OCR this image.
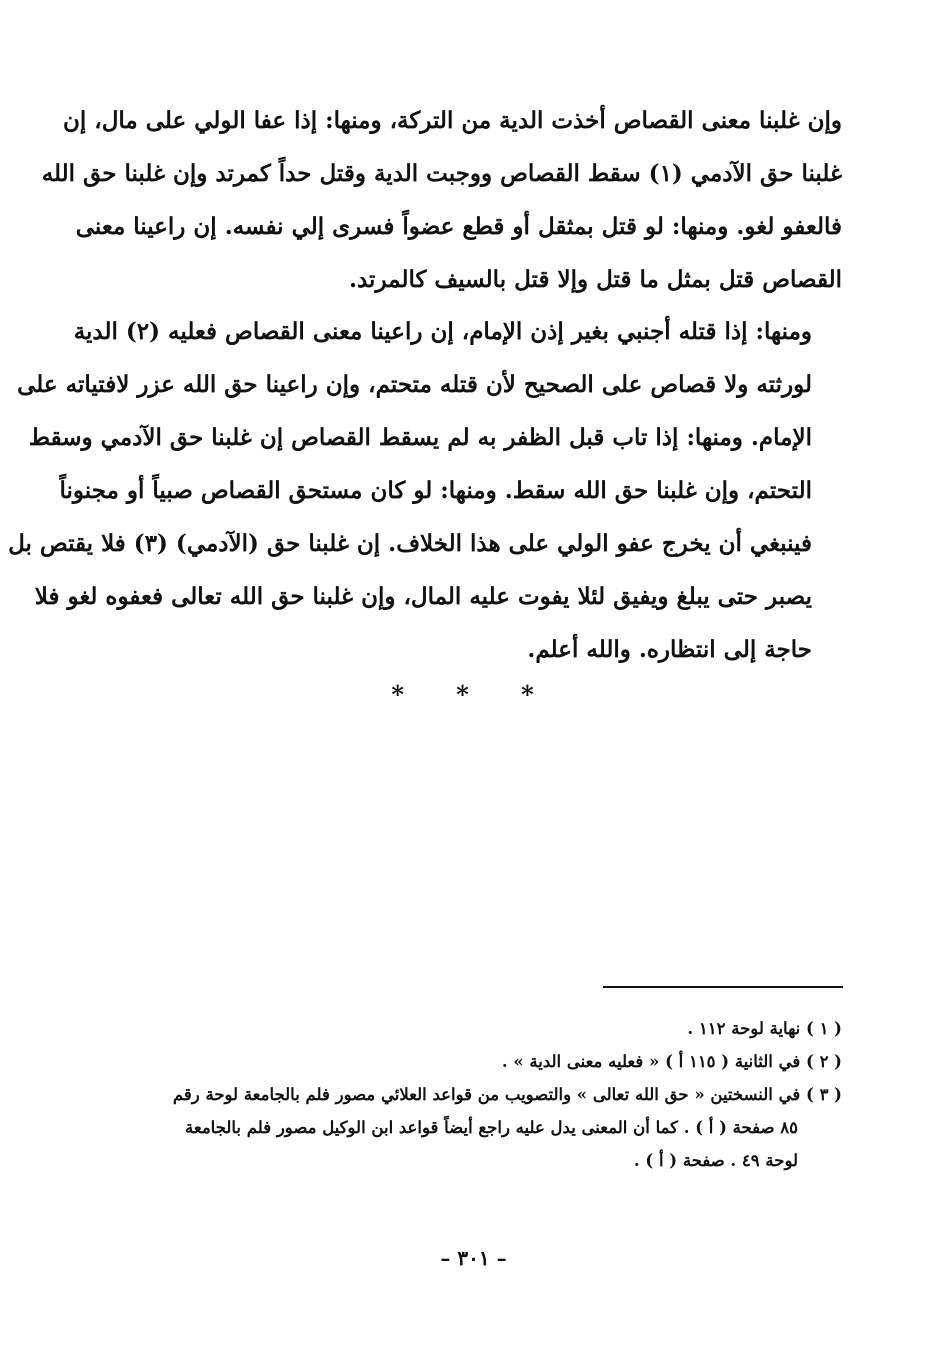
وإن غلبنا معنى القصاص أخذت الدية من التركة، ومنها: إذا عفا الولي على مال، إن
غلبنا حق الآدمي (١) سقط القصاص ووجبت الدية وقتل حداً كمرتد وإن غلبنا حق الله
فالعفو لغو. ومنها: لو قتل بمثقل أو قطع عضواً فسرى إلي نفسه. إن راعينا معنى
القصاص قتل بمثل ما قتل وإلا قتل بالسيف كالمرتد.
ومنها: إذا قتله أجنبي بغير إذن الإمام، إن راعينا معنى القصاص فعليه (٢) الدية
لورثته ولا قصاص على الصحيح لأن قتله متحتم، وإن راعينا حق الله عزر لافتياته على
الإمام. ومنها: إذا تاب قبل الظفر به لم يسقط القصاص إن غلبنا حق الآدمي وسقط
التحتم، وإن غلبنا حق الله سقط. ومنها: لو كان مستحق القصاص صبياً أو مجنوناً
فينبغي أن يخرج عفو الولي على هذا الخلاف. إن غلبنا حق (الآدمي) (٣) فلا يقتص بل
يصبر حتى يبلغ ويفيق لئلا يفوت عليه المال، وإن غلبنا حق الله تعالى فعفوه لغو فلا
حاجة إلى انتظاره. والله أعلم.
* * *
( ١ ) نهاية لوحة ١١٢ .
( ٢ ) في الثانية ( ١١٥ أ ) « فعليه معنى الدية » .
( ٣ ) في النسختين « حق الله تعالى » والتصويب من قواعد العلائي مصور فلم بالجامعة لوحة رقم
٨٥ صفحة ( أ ) . كما أن المعنى يدل عليه راجع أيضاً قواعد ابن الوكيل مصور فلم بالجامعة
لوحة ٤٩ . صفحة ( أ ) .
– ٣٠١ –
